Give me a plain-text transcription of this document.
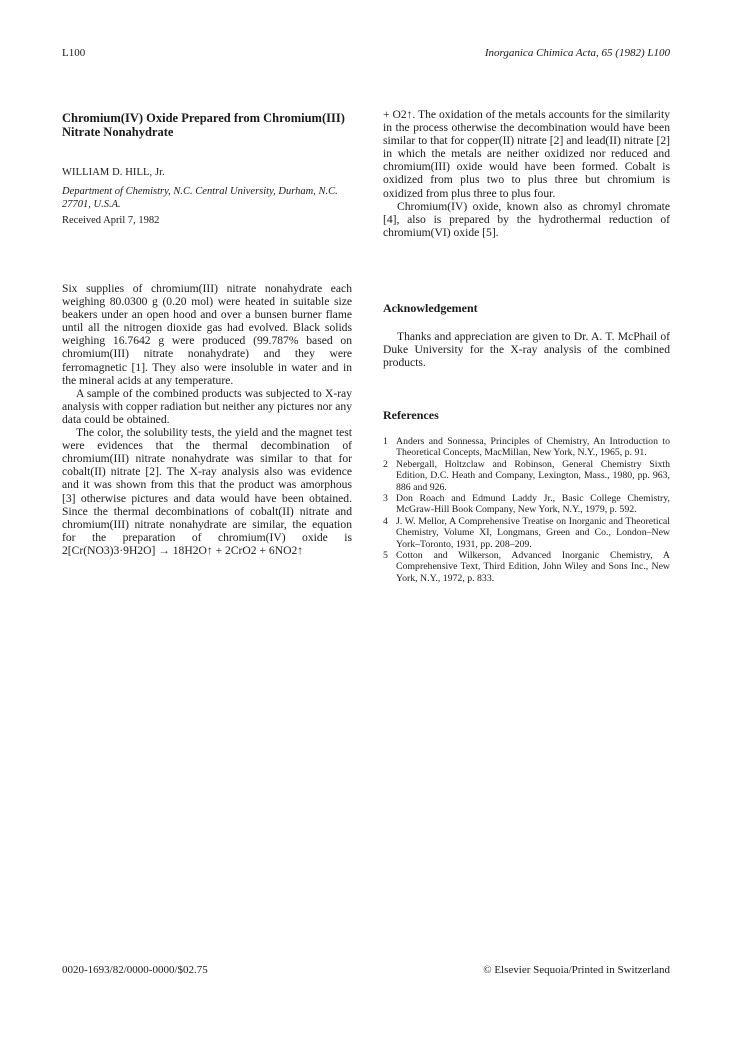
L100	Inorganica Chimica Acta, 65 (1982) L100
Chromium(IV) Oxide Prepared from Chromium(III) Nitrate Nonahydrate
WILLIAM D. HILL, Jr.
Department of Chemistry, N.C. Central University, Durham, N.C. 27701, U.S.A.
Received April 7, 1982

Six supplies of chromium(III) nitrate nonahydrate each weighing 80.0300 g (0.20 mol) were heated in suitable size beakers under an open hood and over a bunsen burner flame until all the nitrogen dioxide gas had evolved. Black solids weighing 16.7642 g were produced (99.787% based on chromium(III) nitrate nonahydrate) and they were ferromagnetic [1]. They also were insoluble in water and in the mineral acids at any temperature.

A sample of the combined products was subjected to X-ray analysis with copper radiation but neither any pictures nor any data could be obtained.

The color, the solubility tests, the yield and the magnet test were evidences that the thermal decombination of chromium(III) nitrate nonahydrate was similar to that for cobalt(II) nitrate [2]. The X-ray analysis also was evidence and it was shown from this that the product was amorphous [3] otherwise pictures and data would have been obtained. Since the thermal decombinations of cobalt(II) nitrate and chromium(III) nitrate nonahydrate are similar, the equation for the preparation of chromium(IV) oxide is 2[Cr(NO3)3·9H2O] → 18H2O↑ + 2CrO2 + 6NO2↑

+ O2↑. The oxidation of the metals accounts for the similarity in the process otherwise the decombination would have been similar to that for copper(II) nitrate [2] and lead(II) nitrate [2] in which the metals are neither oxidized nor reduced and chromium(III) oxide would have been formed. Cobalt is oxidized from plus two to plus three but chromium is oxidized from plus three to plus four.

Chromium(IV) oxide, known also as chromyl chromate [4], also is prepared by the hydrothermal reduction of chromium(VI) oxide [5].

Acknowledgement

Thanks and appreciation are given to Dr. A. T. McPhail of Duke University for the X-ray analysis of the combined products.

References
1 Anders and Sonnessa, Principles of Chemistry, An Introduction to Theoretical Concepts, MacMillan, New York, N.Y., 1965, p. 91.
2 Nebergall, Holtzclaw and Robinson, General Chemistry Sixth Edition, D.C. Heath and Company, Lexington, Mass., 1980, pp. 963, 886 and 926.
3 Don Roach and Edmund Laddy Jr., Basic College Chemistry, McGraw-Hill Book Company, New York, N.Y., 1979, p. 592.
4 J. W. Mellor, A Comprehensive Treatise on Inorganic and Theoretical Chemistry, Volume XI, Longmans, Green and Co., London–New York–Toronto, 1931, pp. 208–209.
5 Cotton and Wilkerson, Advanced Inorganic Chemistry, A Comprehensive Text, Third Edition, John Wiley and Sons Inc., New York, N.Y., 1972, p. 833.
0020-1693/82/0000-0000/$02.75	© Elsevier Sequoia/Printed in Switzerland
